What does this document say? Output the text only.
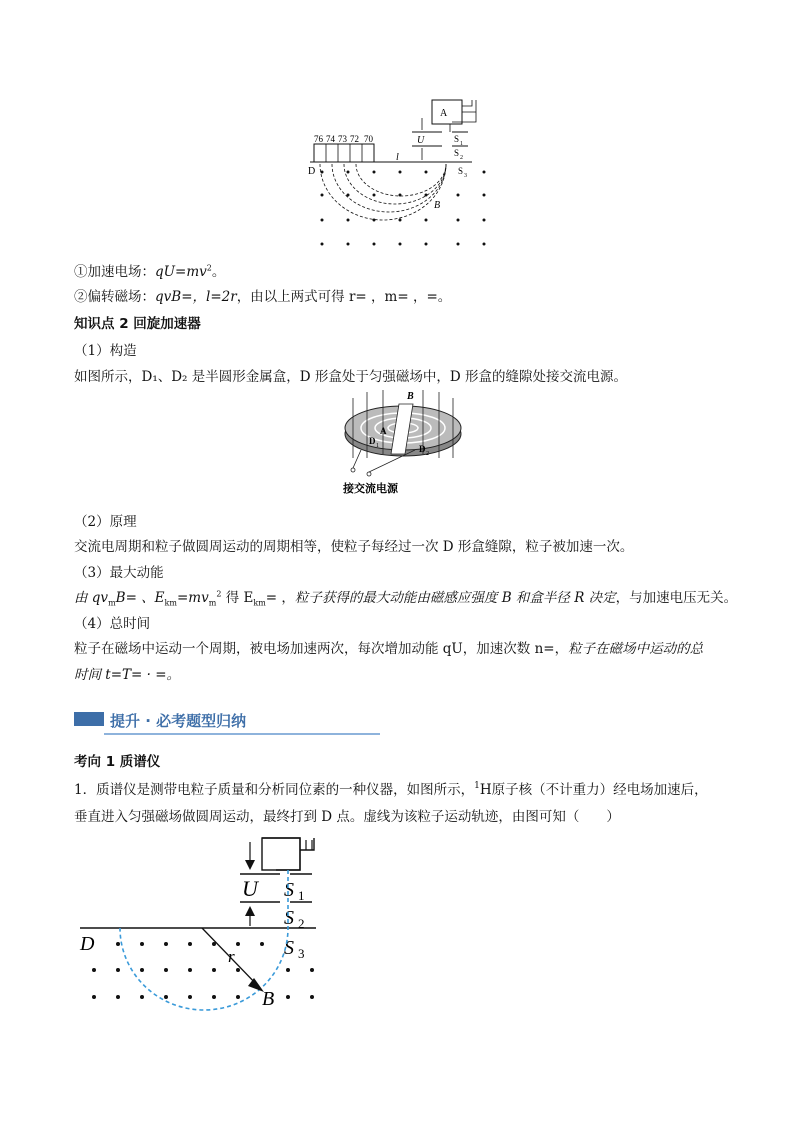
A
U	S 1
S 2
76 74 73 72 70
l
D	S 3
B
①加速电场：$qU=mv^2$。
②偏转磁场：qvB=，l=2r，由以上两式可得 r= ，m= ，=。
知识点 2 回旋加速器
（1）构造
如图所示，D₁、D₂ 是半圆形金属盒，D 形盒处于匀强磁场中，D 形盒的缝隙处接交流电源。
B
D 1	D 2
A
接交流电源
（2）原理
交流电周期和粒子做圆周运动的周期相等，使粒子每经过一次 D 形盒缝隙，粒子被加速一次。
（3）最大动能
由 $qv_mB=$ 、$E_{km}=mv_m^2$ 得 $E_{km}=$ ，粒子获得的最大动能由磁感应强度 B 和盒半径 R 决定，与加速电压无关。
（4）总时间
粒子在磁场中运动一个周期，被电场加速两次，每次增加动能 qU，加速次数 n=，粒子在磁场中运动的总
时间 t=T= · =。
提升 · 必考题型归纳
考向 1 质谱仪
1．质谱仪是测带电粒子质量和分析同位素的一种仪器，如图所示，$^1$H原子核（不计重力）经电场加速后，
垂直进入匀强磁场做圆周运动，最终打到 D 点。虚线为该粒子运动轨迹，由图可知（　　）
U S 1
S 2
D	S 3
r
B
